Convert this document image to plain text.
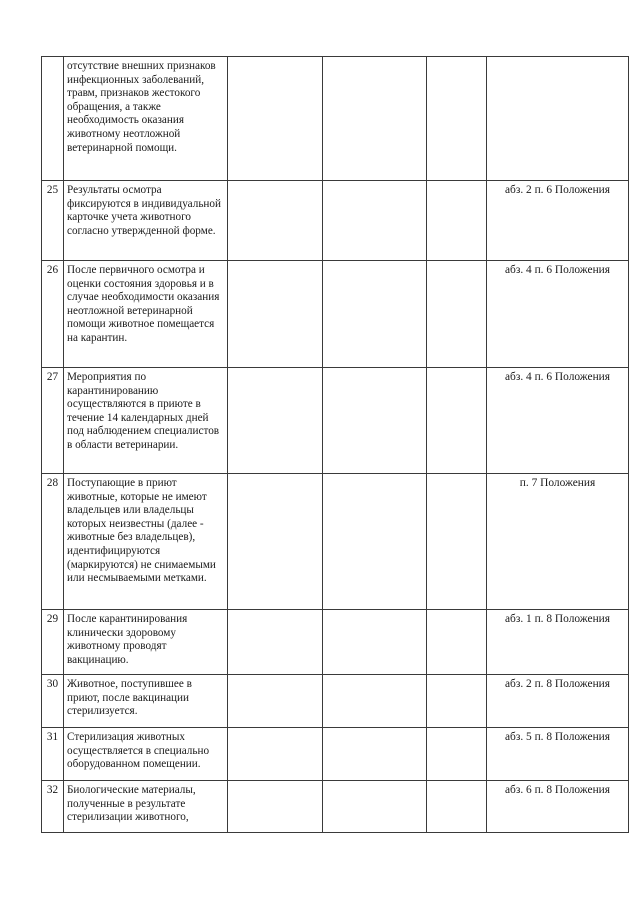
	отсутствие внешних признаков инфекционных заболеваний, травм, признаков жестокого обращения, а также необходимость оказания животному неотложной ветеринарной помощи.				
25	Результаты осмотра фиксируются в индивидуальной карточке учета животного согласно утвержденной форме.				абз. 2 п. 6 Положения
26	После первичного осмотра и оценки состояния здоровья и в случае необходимости оказания неотложной ветеринарной помощи животное помещается на карантин.				абз. 4 п. 6 Положения
27	Мероприятия по карантинированию осуществляются в приюте в течение 14 календарных дней под наблюдением специалистов в области ветеринарии.				абз. 4 п. 6 Положения
28	Поступающие в приют животные, которые не имеют владельцев или владельцы которых неизвестны (далее - животные без владельцев), идентифицируются (маркируются) не снимаемыми или несмываемыми метками.				п. 7 Положения
29	После карантинирования клинически здоровому животному проводят вакцинацию.				абз. 1 п. 8 Положения
30	Животное, поступившее в приют, после вакцинации стерилизуется.				абз. 2 п. 8 Положения
31	Стерилизация животных осуществляется в специально оборудованном помещении.				абз. 5 п. 8 Положения
32	Биологические материалы, полученные в результате стерилизации животного,				абз. 6 п. 8 Положения
